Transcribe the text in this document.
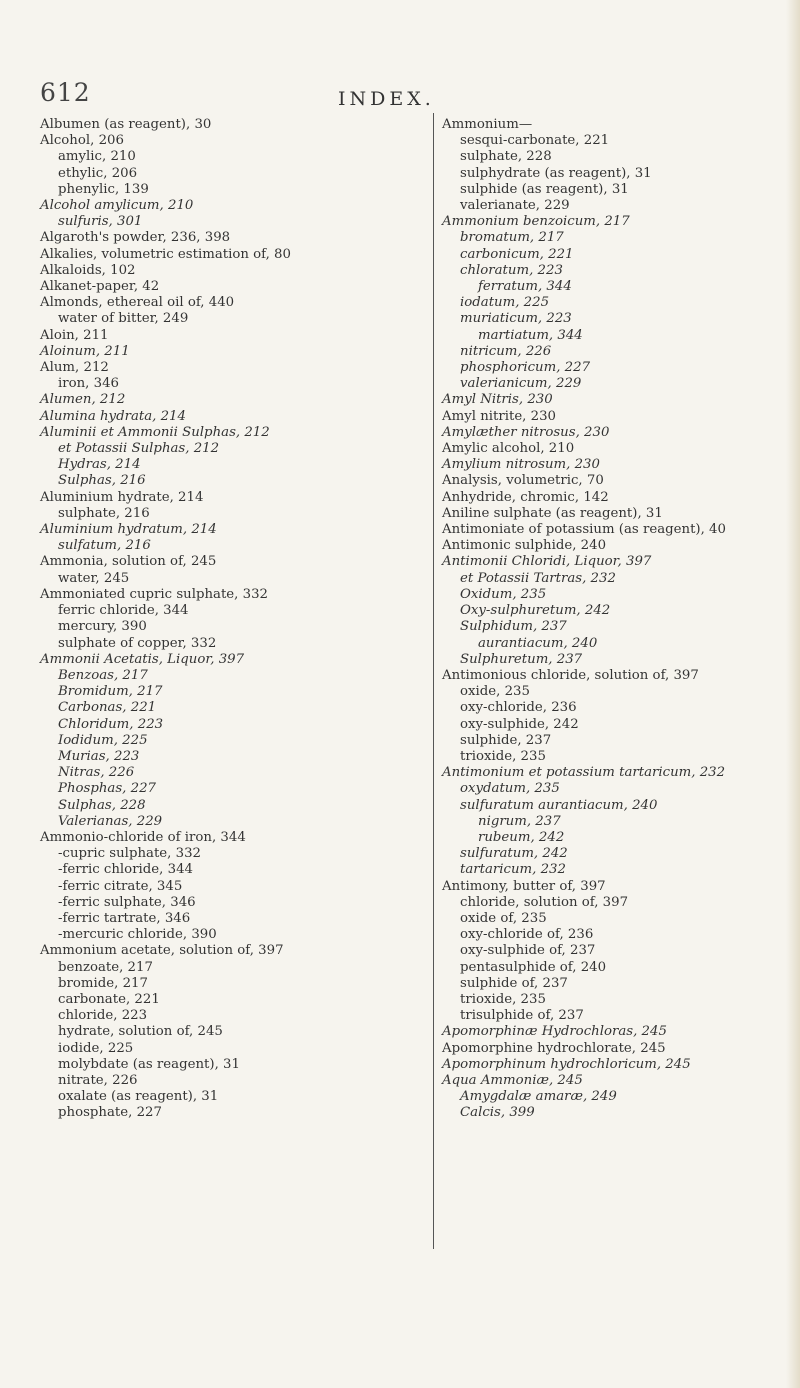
612	INDEX.
Albumen (as reagent), 30
Alcohol, 206
amylic, 210
ethylic, 206
phenylic, 139
Alcohol amylicum, 210
sulfuris, 301
Algaroth's powder, 236, 398
Alkalies, volumetric estimation of, 80
Alkaloids, 102
Alkanet-paper, 42
Almonds, ethereal oil of, 440
water of bitter, 249
Aloin, 211
Aloinum, 211
Alum, 212
iron, 346
Alumen, 212
Alumina hydrata, 214
Aluminii et Ammonii Sulphas, 212
et Potassii Sulphas, 212
Hydras, 214
Sulphas, 216
Aluminium hydrate, 214
sulphate, 216
Aluminium hydratum, 214
sulfatum, 216
Ammonia, solution of, 245
water, 245
Ammoniated cupric sulphate, 332
ferric chloride, 344
mercury, 390
sulphate of copper, 332
Ammonii Acetatis, Liquor, 397
Benzoas, 217
Bromidum, 217
Carbonas, 221
Chloridum, 223
Iodidum, 225
Murias, 223
Nitras, 226
Phosphas, 227
Sulphas, 228
Valerianas, 229
Ammonio-chloride of iron, 344
-cupric sulphate, 332
-ferric chloride, 344
-ferric citrate, 345
-ferric sulphate, 346
-ferric tartrate, 346
-mercuric chloride, 390
Ammonium acetate, solution of, 397
benzoate, 217
bromide, 217
carbonate, 221
chloride, 223
hydrate, solution of, 245
iodide, 225
molybdate (as reagent), 31
nitrate, 226
oxalate (as reagent), 31
phosphate, 227
Ammonium—
sesqui-carbonate, 221
sulphate, 228
sulphydrate (as reagent), 31
sulphide (as reagent), 31
valerianate, 229
Ammonium benzoicum, 217
bromatum, 217
carbonicum, 221
chloratum, 223
ferratum, 344
iodatum, 225
muriaticum, 223
martiatum, 344
nitricum, 226
phosphoricum, 227
valerianicum, 229
Amyl Nitris, 230
Amyl nitrite, 230
Amylæther nitrosus, 230
Amylic alcohol, 210
Amylium nitrosum, 230
Analysis, volumetric, 70
Anhydride, chromic, 142
Aniline sulphate (as reagent), 31
Antimoniate of potassium (as reagent), 40
Antimonic sulphide, 240
Antimonii Chloridi, Liquor, 397
et Potassii Tartras, 232
Oxidum, 235
Oxy-sulphuretum, 242
Sulphidum, 237
aurantiacum, 240
Sulphuretum, 237
Antimonious chloride, solution of, 397
oxide, 235
oxy-chloride, 236
oxy-sulphide, 242
sulphide, 237
trioxide, 235
Antimonium et potassium tartaricum, 232
oxydatum, 235
sulfuratum aurantiacum, 240
nigrum, 237
rubeum, 242
sulfuratum, 242
tartaricum, 232
Antimony, butter of, 397
chloride, solution of, 397
oxide of, 235
oxy-chloride of, 236
oxy-sulphide of, 237
pentasulphide of, 240
sulphide of, 237
trioxide, 235
trisulphide of, 237
Apomorphinæ Hydrochloras, 245
Apomorphine hydrochlorate, 245
Apomorphinum hydrochloricum, 245
Aqua Ammoniæ, 245
Amygdalæ amaræ, 249
Calcis, 399
